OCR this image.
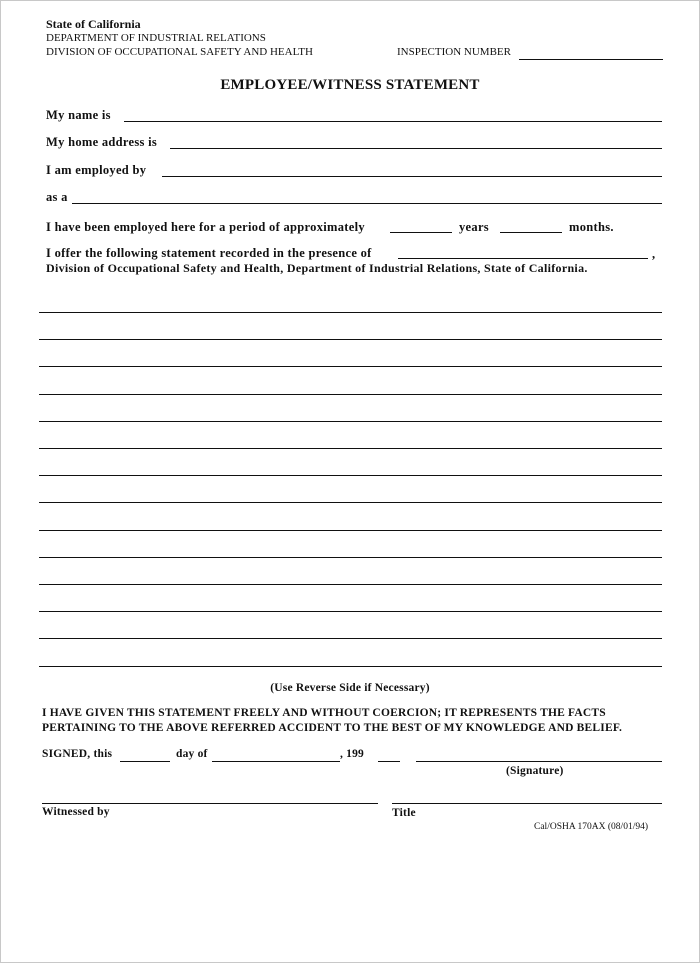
State of California
DEPARTMENT OF INDUSTRIAL RELATIONS
DIVISION OF OCCUPATIONAL SAFETY AND HEALTH	INSPECTION NUMBER
EMPLOYEE/WITNESS STATEMENT
My name is
My home address is
I am employed by
as a
I have been employed here for a period of approximately	years	months.
I offer the following statement recorded in the presence of	,
Division of Occupational Safety and Health, Department of Industrial Relations, State of California.
(Use Reverse Side if Necessary)
I HAVE GIVEN THIS STATEMENT FREELY AND WITHOUT COERCION; IT REPRESENTS THE FACTS
PERTAINING TO THE ABOVE REFERRED ACCIDENT TO THE BEST OF MY KNOWLEDGE AND BELIEF.
SIGNED, this	day of	, 199
(Signature)
Witnessed by	Title
Cal/OSHA 170AX (08/01/94)
